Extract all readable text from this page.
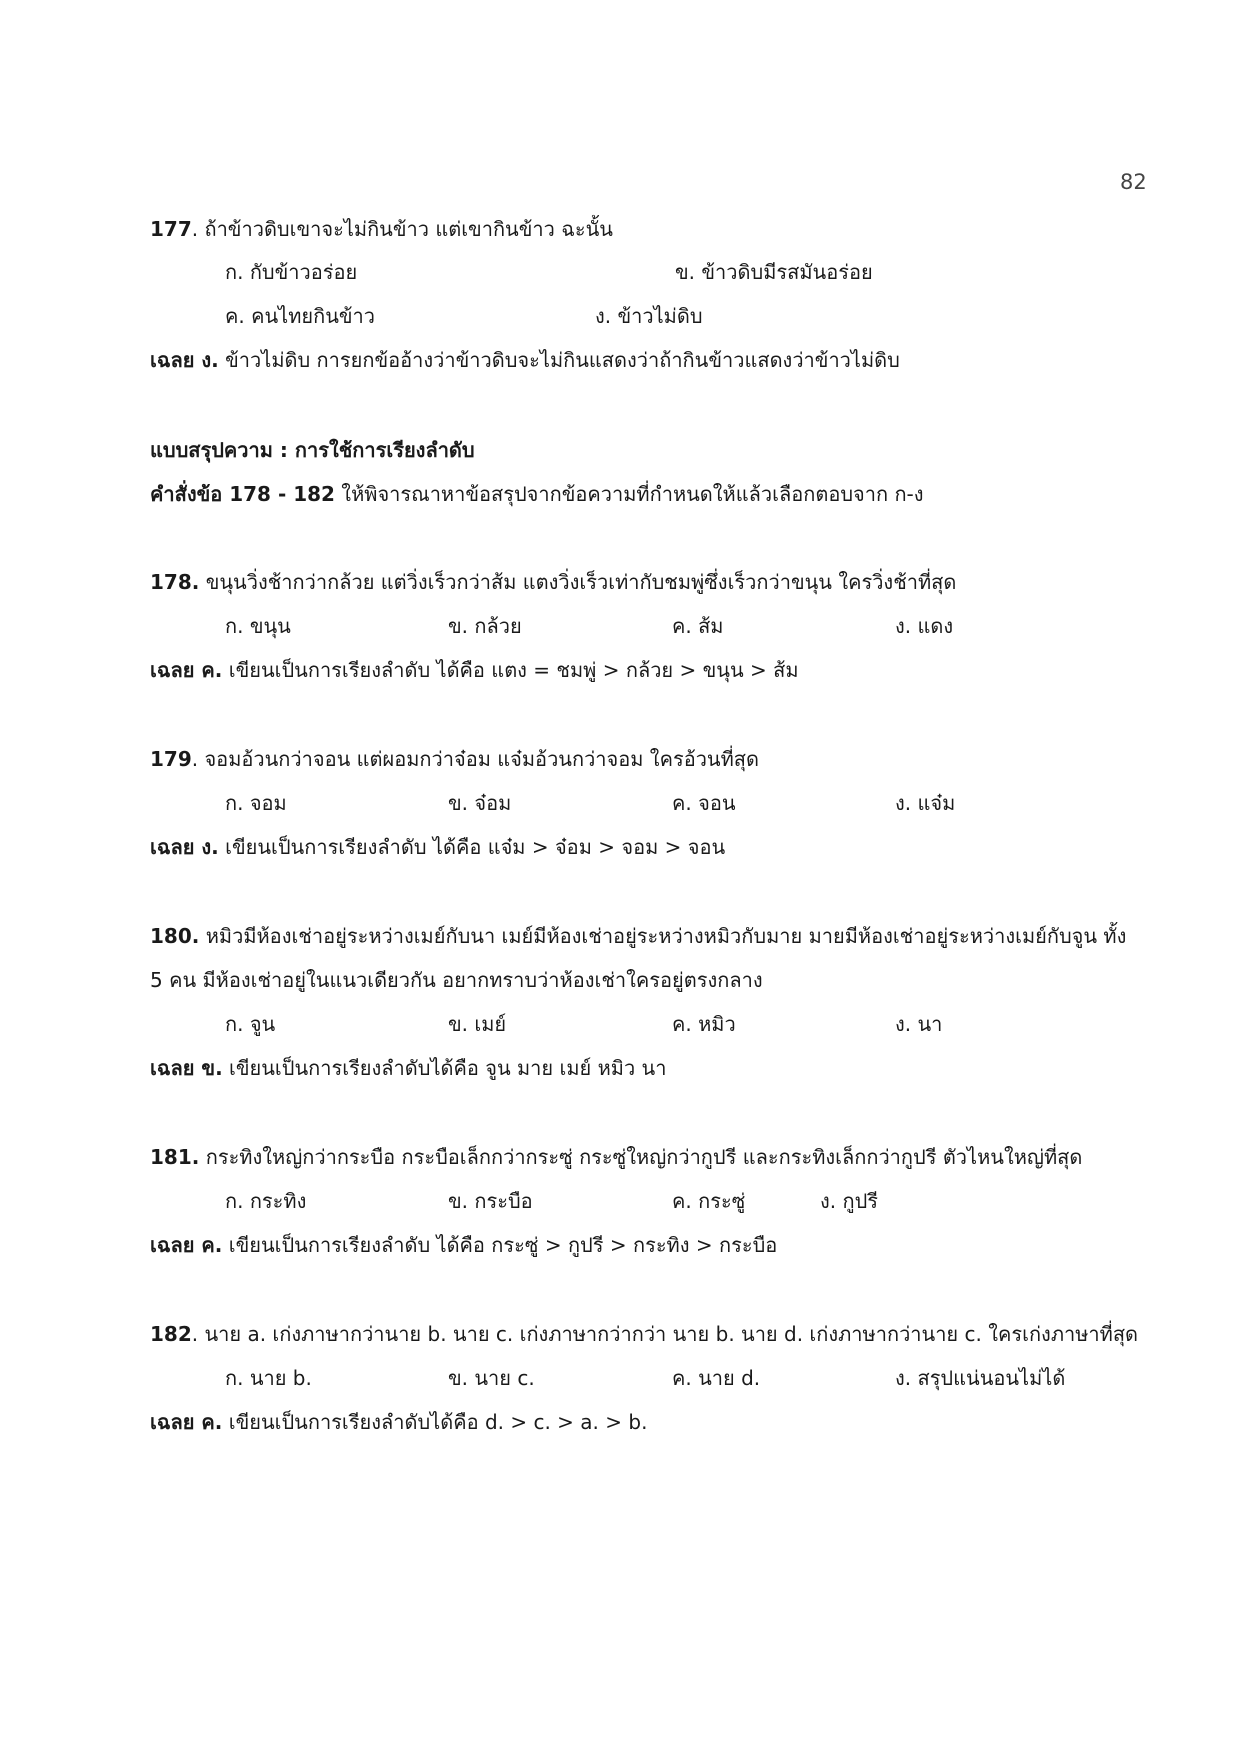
82
177. ถ้าข้าวดิบเขาจะไม่กินข้าว แต่เขากินข้าว ฉะนั้น
ก. กับข้าวอร่อย	ข. ข้าวดิบมีรสมันอร่อย
ค. คนไทยกินข้าว	ง. ข้าวไม่ดิบ
เฉลย ง. ข้าวไม่ดิบ การยกข้ออ้างว่าข้าวดิบจะไม่กินแสดงว่าถ้ากินข้าวแสดงว่าข้าวไม่ดิบ
แบบสรุปความ : การใช้การเรียงลำดับ
คำสั่งข้อ 178 - 182 ให้พิจารณาหาข้อสรุปจากข้อความที่กำหนดให้แล้วเลือกตอบจาก ก-ง
178. ขนุนวิ่งช้ากว่ากล้วย แต่วิ่งเร็วกว่าส้ม แตงวิ่งเร็วเท่ากับชมพู่ซึ่งเร็วกว่าขนุน ใครวิ่งช้าที่สุด
ก. ขนุน	ข. กล้วย	ค. ส้ม	ง. แดง
เฉลย ค. เขียนเป็นการเรียงลำดับ ได้คือ แตง = ชมพู่ > กล้วย > ขนุน > ส้ม
179. จอมอ้วนกว่าจอน แต่ผอมกว่าจ๋อม แจ๋มอ้วนกว่าจอม ใครอ้วนที่สุด
ก. จอม	ข. จ๋อม	ค. จอน	ง. แจ๋ม
เฉลย ง. เขียนเป็นการเรียงลำดับ ได้คือ แจ๋ม > จ๋อม > จอม > จอน
180. หมิวมีห้องเช่าอยู่ระหว่างเมย์กับนา เมย์มีห้องเช่าอยู่ระหว่างหมิวกับมาย มายมีห้องเช่าอยู่ระหว่างเมย์กับจูน ทั้ง
5 คน มีห้องเช่าอยู่ในแนวเดียวกัน อยากทราบว่าห้องเช่าใครอยู่ตรงกลาง
ก. จูน	ข. เมย์	ค. หมิว	ง. นา
เฉลย ข. เขียนเป็นการเรียงลำดับได้คือ จูน มาย เมย์ หมิว นา
181. กระทิงใหญ่กว่ากระบือ กระบือเล็กกว่ากระซู่ กระซู่ใหญ่กว่ากูปรี และกระทิงเล็กกว่ากูปรี ตัวไหนใหญ่ที่สุด
ก. กระทิง	ข. กระบือ	ค. กระซู่	ง. กูปรี
เฉลย ค. เขียนเป็นการเรียงลำดับ ได้คือ กระซู่ > กูปรี > กระทิง > กระบือ
182. นาย a. เก่งภาษากว่านาย b. นาย c. เก่งภาษากว่ากว่า นาย b. นาย d. เก่งภาษากว่านาย c. ใครเก่งภาษาที่สุด
ก. นาย b.	ข. นาย c.	ค. นาย d.	ง. สรุปแน่นอนไม่ได้
เฉลย ค. เขียนเป็นการเรียงลำดับได้คือ d. > c. > a. > b.
